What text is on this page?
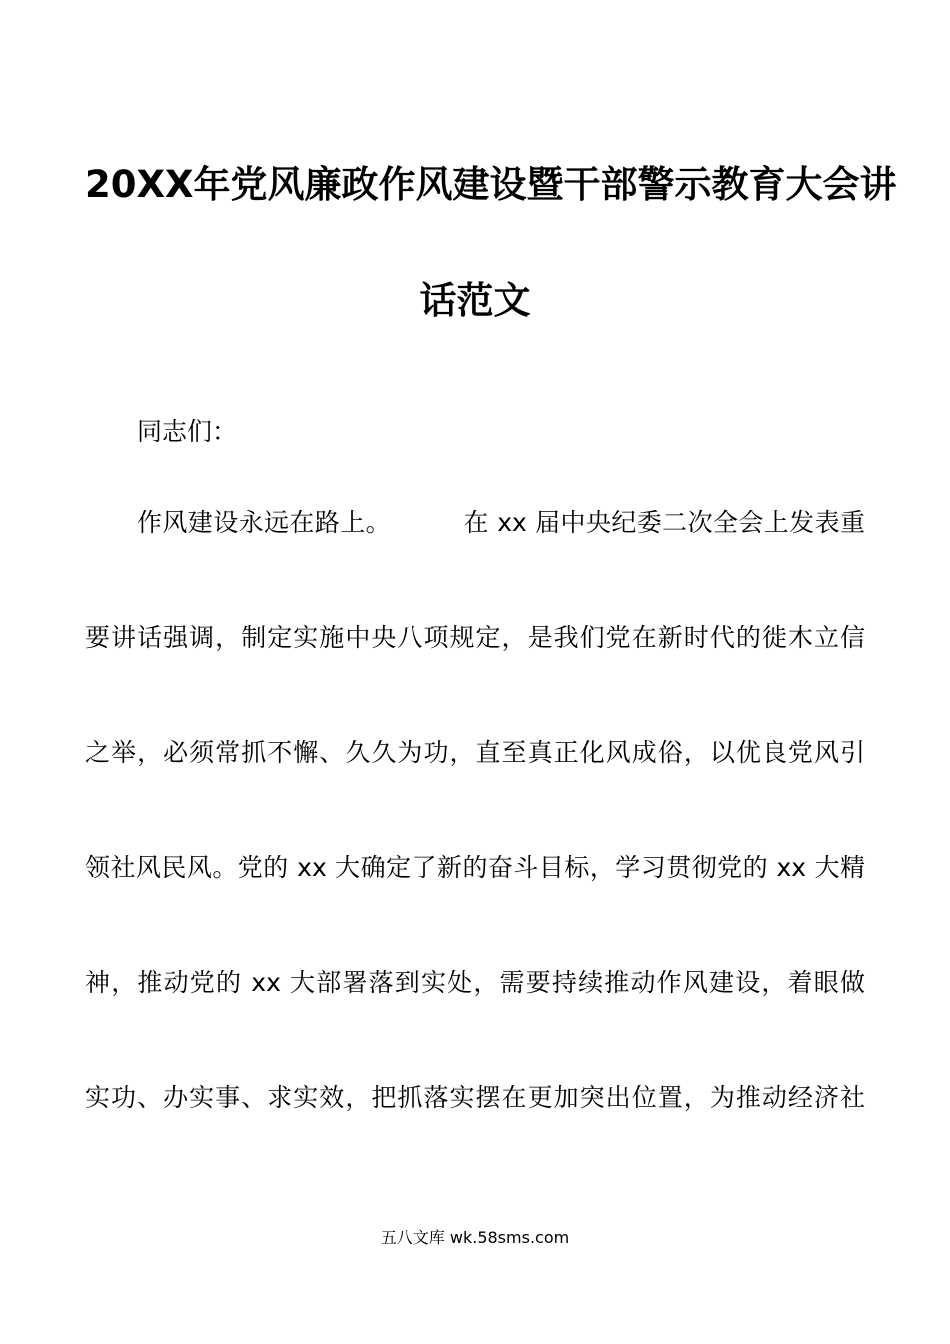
20XX年党风廉政作风建设暨干部警示教育大会讲
话范文
同志们：
作风建设永远在路上。	在 xx 届中央纪委二次全会上发表重
要讲话强调，制定实施中央八项规定，是我们党在新时代的徙木立信
之举，必须常抓不懈、久久为功，直至真正化风成俗，以优良党风引
领社风民风。党的 xx 大确定了新的奋斗目标，学习贯彻党的 xx 大精
神，推动党的 xx 大部署落到实处，需要持续推动作风建设，着眼做
实功、办实事、求实效，把抓落实摆在更加突出位置，为推动经济社
五八文库 wk.58sms.com
